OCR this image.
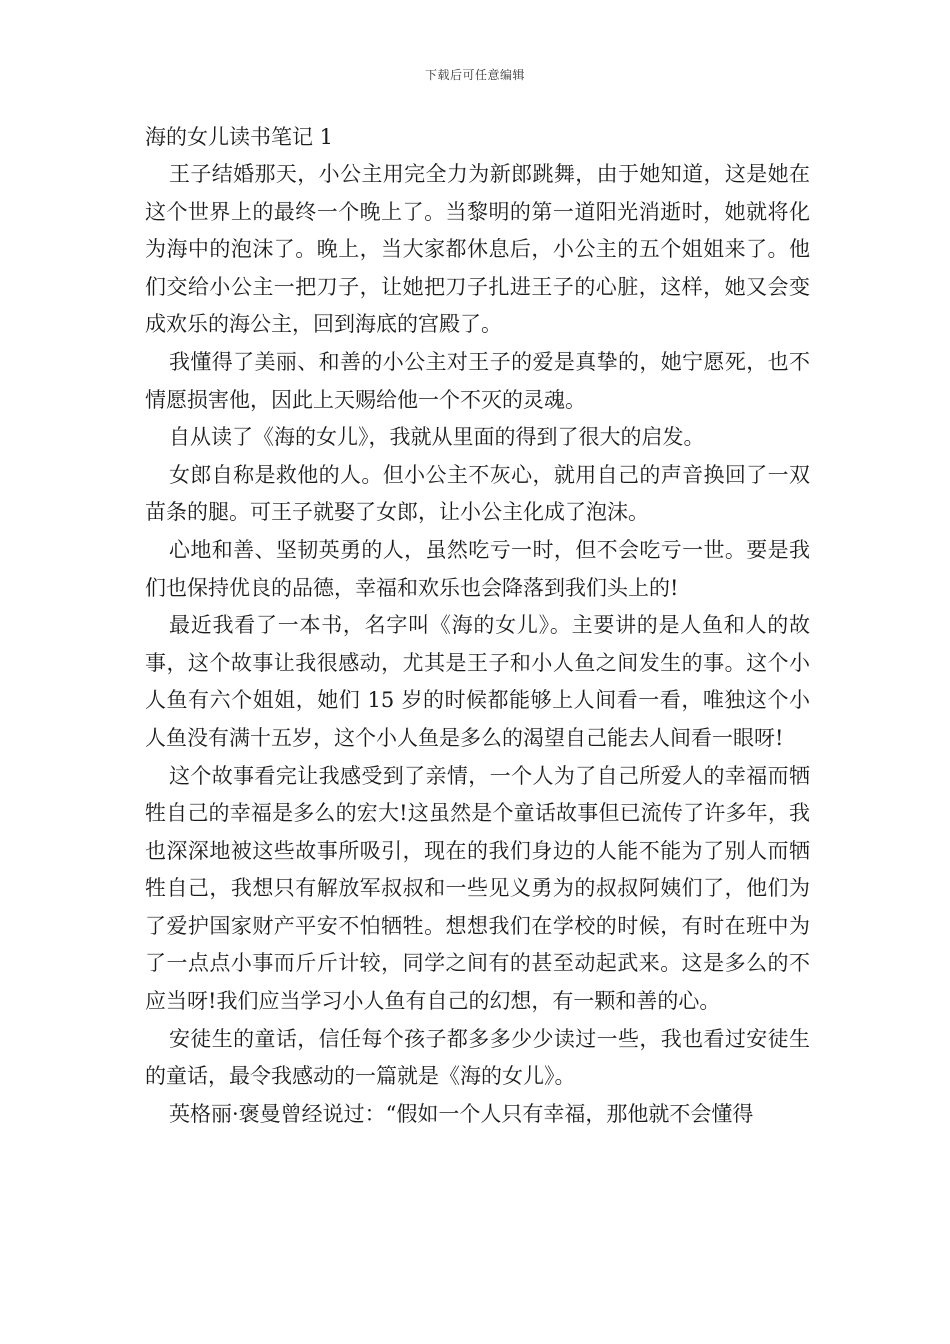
下载后可任意编辑
海的女儿读书笔记 1

王子结婚那天，小公主用完全力为新郎跳舞，由于她知道，这是她在这个世界上的最终一个晚上了。当黎明的第一道阳光消逝时，她就将化为海中的泡沫了。晚上，当大家都休息后，小公主的五个姐姐来了。他们交给小公主一把刀子，让她把刀子扎进王子的心脏，这样，她又会变成欢乐的海公主，回到海底的宫殿了。

我懂得了美丽、和善的小公主对王子的爱是真挚的，她宁愿死，也不情愿损害他，因此上天赐给他一个不灭的灵魂。

自从读了《海的女儿》，我就从里面的得到了很大的启发。

女郎自称是救他的人。但小公主不灰心，就用自己的声音换回了一双苗条的腿。可王子就娶了女郎，让小公主化成了泡沫。

心地和善、坚韧英勇的人，虽然吃亏一时，但不会吃亏一世。要是我们也保持优良的品德，幸福和欢乐也会降落到我们头上的!

最近我看了一本书，名字叫《海的女儿》。主要讲的是人鱼和人的故事，这个故事让我很感动，尤其是王子和小人鱼之间发生的事。这个小人鱼有六个姐姐，她们 15 岁的时候都能够上人间看一看，唯独这个小人鱼没有满十五岁，这个小人鱼是多么的渴望自己能去人间看一眼呀!

这个故事看完让我感受到了亲情，一个人为了自己所爱人的幸福而牺牲自己的幸福是多么的宏大!这虽然是个童话故事但已流传了许多年，我也深深地被这些故事所吸引，现在的我们身边的人能不能为了别人而牺牲自己，我想只有解放军叔叔和一些见义勇为的叔叔阿姨们了，他们为了爱护国家财产平安不怕牺牲。想想我们在学校的时候，有时在班中为了一点点小事而斤斤计较，同学之间有的甚至动起武来。这是多么的不应当呀!我们应当学习小人鱼有自己的幻想，有一颗和善的心。

安徒生的童话，信任每个孩子都多多少少读过一些，我也看过安徒生的童话，最令我感动的一篇就是《海的女儿》。

英格丽·褒曼曾经说过：“假如一个人只有幸福，那他就不会懂得
